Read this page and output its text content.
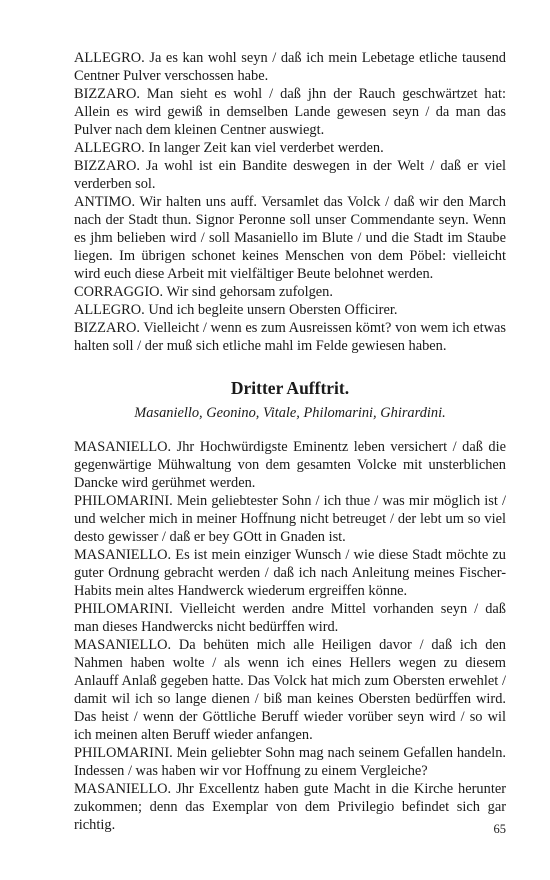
ALLEGRO. Ja es kan wohl seyn / daß ich mein Lebetage etliche tausend Centner Pulver verschossen habe.

BIZZARO. Man sieht es wohl / daß jhn der Rauch geschwärtzet hat: Allein es wird gewiß in demselben Lande gewesen seyn / da man das Pulver nach dem kleinen Centner auswiegt.

ALLEGRO. In langer Zeit kan viel verderbet werden.

BIZZARO. Ja wohl ist ein Bandite deswegen in der Welt / daß er viel verderben sol.

ANTIMO. Wir halten uns auff. Versamlet das Volck / daß wir den March nach der Stadt thun. Signor Peronne soll unser Commendante seyn. Wenn es jhm belieben wird / soll Masaniello im Blute / und die Stadt im Staube liegen. Im übrigen schonet keines Menschen von dem Pöbel: vielleicht wird euch diese Arbeit mit vielfältiger Beute belohnet werden.

CORRAGGIO. Wir sind gehorsam zufolgen.

ALLEGRO. Und ich begleite unsern Obersten Officirer.

BIZZARO. Vielleicht / wenn es zum Ausreissen kömt? von wem ich etwas halten soll / der muß sich etliche mahl im Felde gewiesen haben.

Dritter Aufftrit.

Masaniello, Geonino, Vitale, Philomarini, Ghirardini.

MASANIELLO. Jhr Hochwürdigste Eminentz leben versichert / daß die gegenwärtige Mühwaltung von dem gesamten Volcke mit unsterblichen Dancke wird gerühmet werden.

PHILOMARINI. Mein geliebtester Sohn / ich thue / was mir möglich ist / und welcher mich in meiner Hoffnung nicht betreuget / der lebt um so viel desto gewisser / daß er bey GOtt in Gnaden ist.

MASANIELLO. Es ist mein einziger Wunsch / wie diese Stadt möchte zu guter Ordnung gebracht werden / daß ich nach Anleitung meines Fischer-Habits mein altes Handwerck wiederum ergreiffen könne.

PHILOMARINI. Vielleicht werden andre Mittel vorhanden seyn / daß man dieses Handwercks nicht bedürffen wird.

MASANIELLO. Da behüten mich alle Heiligen davor / daß ich den Nahmen haben wolte / als wenn ich eines Hellers wegen zu diesem Anlauff Anlaß gegeben hatte. Das Volck hat mich zum Obersten erwehlet / damit wil ich so lange dienen / biß man keines Obersten bedürffen wird. Das heist / wenn der Göttliche Beruff wieder vorüber seyn wird / so wil ich meinen alten Beruff wieder anfangen.

PHILOMARINI. Mein geliebter Sohn mag nach seinem Gefallen handeln. Indessen / was haben wir vor Hoffnung zu einem Vergleiche?

MASANIELLO. Jhr Excellentz haben gute Macht in die Kirche herunter zukommen; denn das Exemplar von dem Privilegio befindet sich gar richtig.	65
